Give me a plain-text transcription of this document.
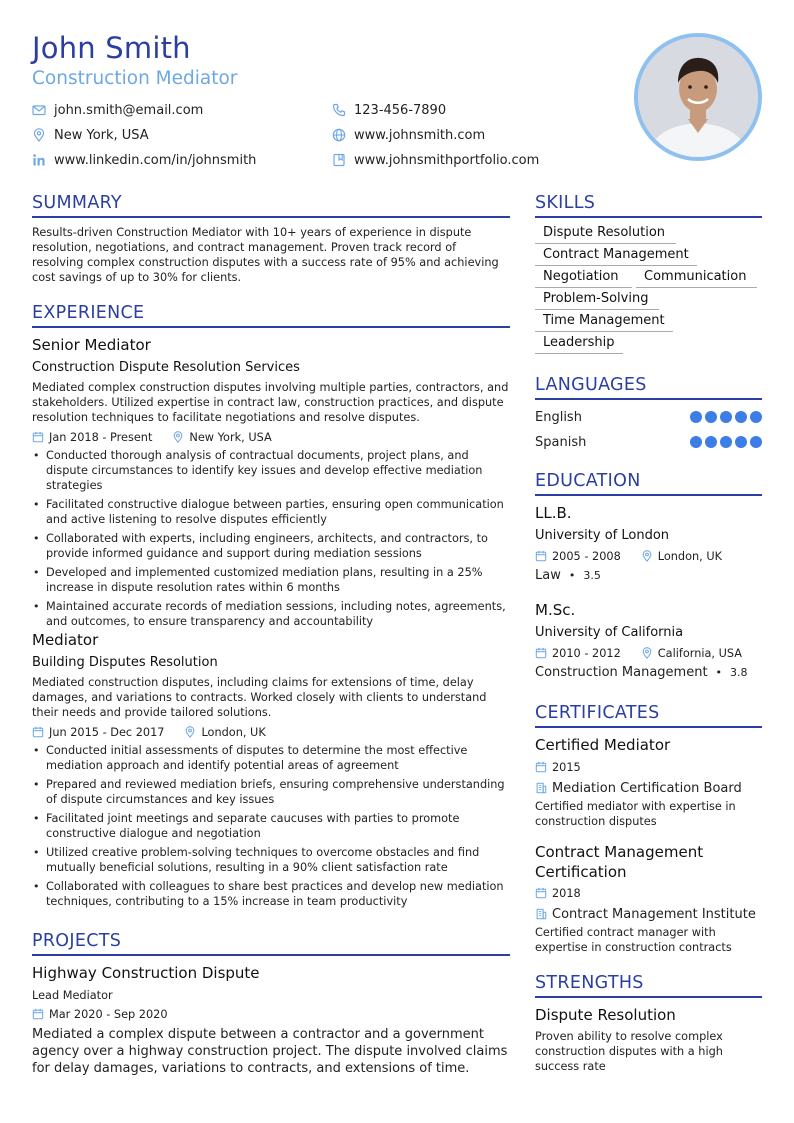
John Smith
Construction Mediator
john.smith@email.com	123-456-7890
New York, USA	www.johnsmith.com
www.linkedin.com/in/johnsmith	www.johnsmithportfolio.com
SUMMARY
Results-driven Construction Mediator with 10+ years of experience in dispute resolution, negotiations, and contract management. Proven track record of resolving complex construction disputes with a success rate of 95% and achieving cost savings of up to 30% for clients.
EXPERIENCE
Senior Mediator
Construction Dispute Resolution Services
Mediated complex construction disputes involving multiple parties, contractors, and stakeholders. Utilized expertise in contract law, construction practices, and dispute resolution techniques to facilitate negotiations and resolve disputes.
Jan 2018 - Present	New York, USA
• Conducted thorough analysis of contractual documents, project plans, and dispute circumstances to identify key issues and develop effective mediation strategies
• Facilitated constructive dialogue between parties, ensuring open communication and active listening to resolve disputes efficiently
• Collaborated with experts, including engineers, architects, and contractors, to provide informed guidance and support during mediation sessions
• Developed and implemented customized mediation plans, resulting in a 25% increase in dispute resolution rates within 6 months
• Maintained accurate records of mediation sessions, including notes, agreements, and outcomes, to ensure transparency and accountability
Mediator
Building Disputes Resolution
Mediated construction disputes, including claims for extensions of time, delay damages, and variations to contracts. Worked closely with clients to understand their needs and provide tailored solutions.
Jun 2015 - Dec 2017	London, UK
• Conducted initial assessments of disputes to determine the most effective mediation approach and identify potential areas of agreement
• Prepared and reviewed mediation briefs, ensuring comprehensive understanding of dispute circumstances and key issues
• Facilitated joint meetings and separate caucuses with parties to promote constructive dialogue and negotiation
• Utilized creative problem-solving techniques to overcome obstacles and find mutually beneficial solutions, resulting in a 90% client satisfaction rate
• Collaborated with colleagues to share best practices and develop new mediation techniques, contributing to a 15% increase in team productivity
PROJECTS
Highway Construction Dispute
Lead Mediator
Mar 2020 - Sep 2020
Mediated a complex dispute between a contractor and a government agency over a highway construction project. The dispute involved claims for delay damages, variations to contracts, and extensions of time.
SKILLS
Dispute Resolution
Contract Management
Negotiation	Communication
Problem-Solving
Time Management
Leadership
LANGUAGES
English
Spanish
EDUCATION
LL.B.
University of London
2005 - 2008	London, UK
Law • 3.5
M.Sc.
University of California
2010 - 2012	California, USA
Construction Management • 3.8
CERTIFICATES
Certified Mediator
2015
Mediation Certification Board
Certified mediator with expertise in construction disputes
Contract Management Certification
2018
Contract Management Institute
Certified contract manager with expertise in construction contracts
STRENGTHS
Dispute Resolution
Proven ability to resolve complex construction disputes with a high success rate
